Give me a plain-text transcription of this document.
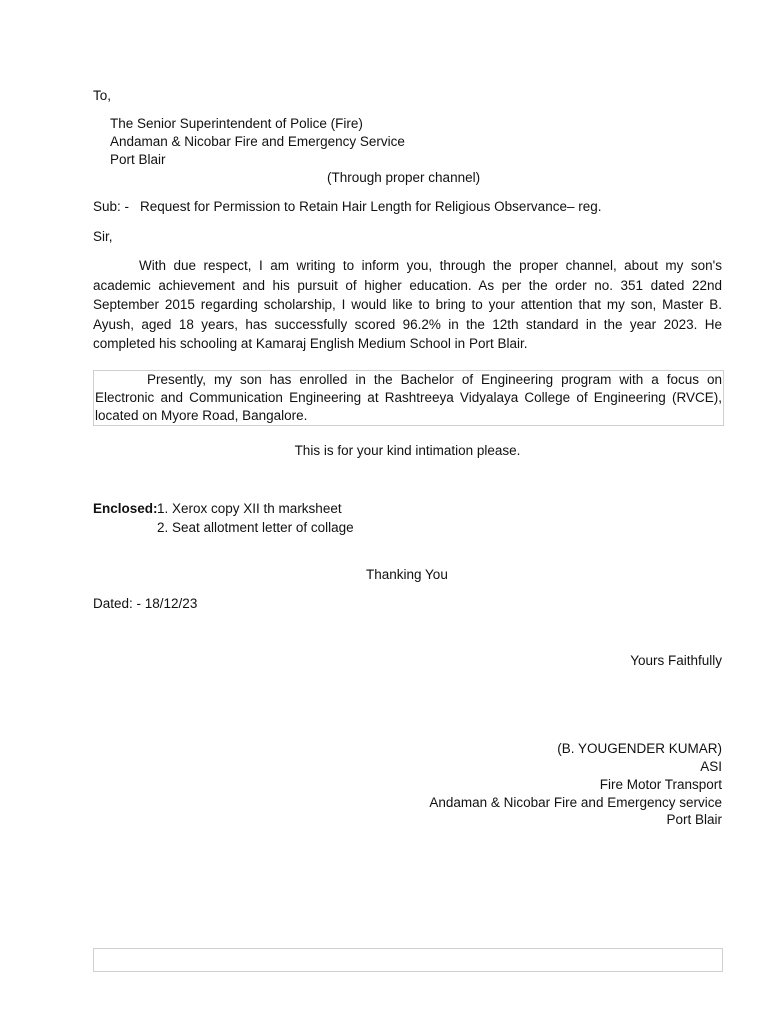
To,
The Senior Superintendent of Police (Fire)
Andaman & Nicobar Fire and Emergency Service
Port Blair
(Through proper channel)
Sub: - Request for Permission to Retain Hair Length for Religious Observance– reg.
Sir,
With due respect, I am writing to inform you, through the proper channel, about my son's academic achievement and his pursuit of higher education. As per the order no. 351 dated 22nd September 2015 regarding scholarship, I would like to bring to your attention that my son, Master B. Ayush, aged 18 years, has successfully scored 96.2% in the 12th standard in the year 2023. He completed his schooling at Kamaraj English Medium School in Port Blair.
Presently, my son has enrolled in the Bachelor of Engineering program with a focus on Electronic and Communication Engineering at Rashtreeya Vidyalaya College of Engineering (RVCE), located on Myore Road, Bangalore.
This is for your kind intimation please.
Enclosed: 1. Xerox copy XII th marksheet
2. Seat allotment letter of collage
Thanking You
Dated: - 18/12/23
Yours Faithfully
(B. YOUGENDER KUMAR)
ASI
Fire Motor Transport
Andaman & Nicobar Fire and Emergency service
Port Blair
